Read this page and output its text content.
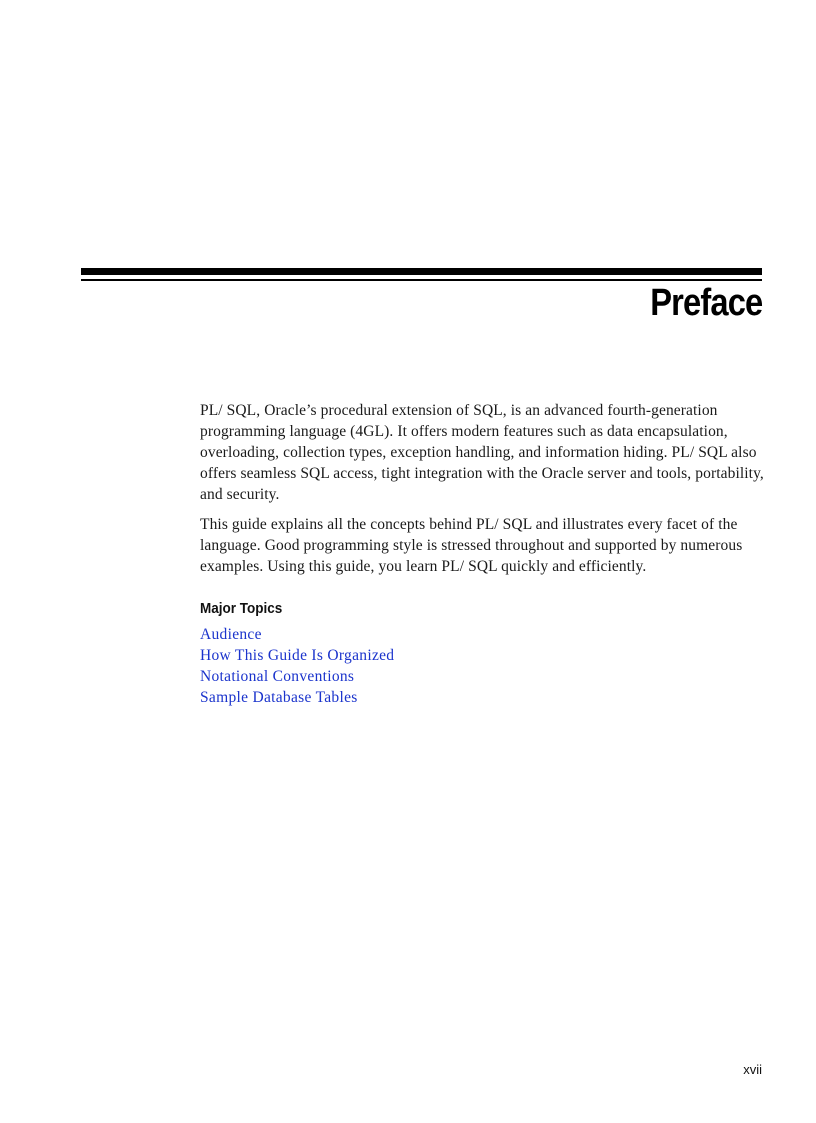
Preface

PL/ SQL, Oracle’s procedural extension of SQL, is an advanced fourth-generation programming language (4GL). It offers modern features such as data encapsulation, overloading, collection types, exception handling, and information hiding. PL/ SQL also offers seamless SQL access, tight integration with the Oracle server and tools, portability, and security.

This guide explains all the concepts behind PL/ SQL and illustrates every facet of the language. Good programming style is stressed throughout and supported by numerous examples. Using this guide, you learn PL/ SQL quickly and efficiently.

Major Topics
Audience
How This Guide Is Organized
Notational Conventions
Sample Database Tables
xvii
